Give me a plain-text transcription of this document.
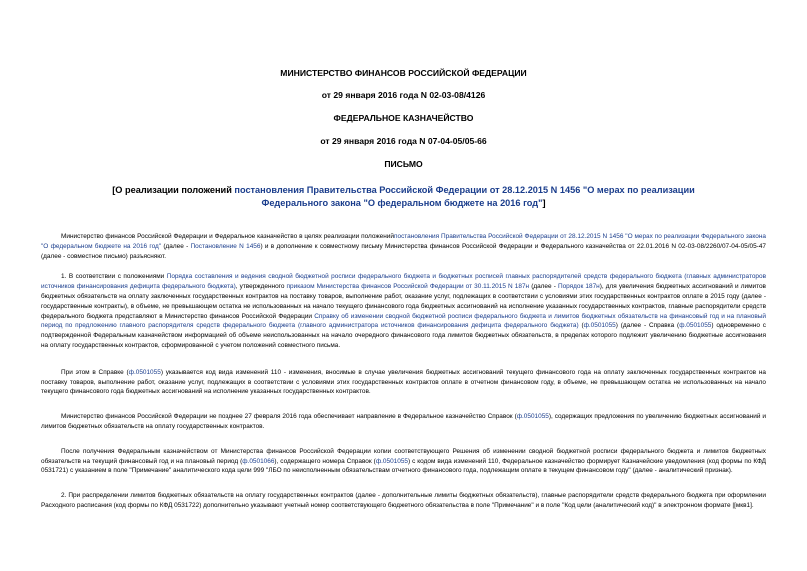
МИНИСТЕРСТВО ФИНАНСОВ РОССИЙСКОЙ ФЕДЕРАЦИИ
от 29 января 2016 года N 02-03-08/4126
ФЕДЕРАЛЬНОЕ КАЗНАЧЕЙСТВО
от 29 января 2016 года N 07-04-05/05-66
ПИСЬМО
[О реализации положений постановления Правительства Российской Федерации от 28.12.2015 N 1456 "О мерах по реализации Федерального закона "О федеральном бюджете на 2016 год"]

Министерство финансов Российской Федерации и Федеральное казначейство в целях реализации положенийпостановления Правительства Российской Федерации от 28.12.2015 N 1456 "О мерах по реализации Федерального закона "О федеральном бюджете на 2016 год" (далее - Постановление N 1456) и в дополнение к совместному письму Министерства финансов Российской Федерации и Федерального казначейства от 22.01.2016 N 02-03-08/2260/07-04-05/05-47 (далее - совместное письмо) разъясняют.

1. В соответствии с положениями Порядка составления и ведения сводной бюджетной росписи федерального бюджета и бюджетных росписей главных распорядителей средств федерального бюджета (главных администраторов источников финансирования дефицита федерального бюджета), утвержденного приказом Министерства финансов Российской Федерации от 30.11.2015 N 187н (далее - Порядок 187н), для увеличения бюджетных ассигнований и лимитов бюджетных обязательств на оплату заключенных государственных контрактов на поставку товаров, выполнение работ, оказание услуг, подлежащих в соответствии с условиями этих государственных контрактов оплате в 2015 году (далее - государственные контракты), в объеме, не превышающем остатка не использованных на начало текущего финансового года бюджетных ассигнований на исполнение указанных государственных контрактов, главные распорядители средств федерального бюджета представляют в Министерство финансов Российской Федерации Справку об изменении сводной бюджетной росписи федерального бюджета и лимитов бюджетных обязательств на финансовый год и на плановый период по предложению главного распорядителя средств федерального бюджета (главного администратора источников финансирования дефицита федерального бюджета) (ф.0501055) (далее - Справка (ф.0501055) одновременно с подтвержденной Федеральным казначейством информацией об объеме неиспользованных на начало очередного финансового года лимитов бюджетных обязательств, в пределах которого подлежит увеличению бюджетные ассигнования на оплату государственных контрактов, сформированной с учетом положений совместного письма.

При этом в Справке (ф.0501055) указывается код вида изменений 110 - изменения, вносимые в случае увеличения бюджетных ассигнований текущего финансового года на оплату заключенных государственных контрактов на поставку товаров, выполнение работ, оказание услуг, подлежащих в соответствии с условиями этих государственных контрактов оплате в отчетном финансовом году, в объеме, не превышающем остатка не использованных на начало текущего финансового года бюджетных ассигнований на исполнение указанных государственных контрактов.

Министерство финансов Российской Федерации не позднее 27 февраля 2016 года обеспечивает направление в Федеральное казначейство Справок (ф.0501055), содержащих предложения по увеличению бюджетных ассигнований и лимитов бюджетных обязательств на оплату государственных контрактов.

После получения Федеральным казначейством от Министерства финансов Российской Федерации копии соответствующего Решения об изменении сводной бюджетной росписи федерального бюджета и лимитов бюджетных обязательств на текущий финансовый год и на плановый период (ф.0501066), содержащего номера Справок (ф.0501055) с кодом вида изменений 110, Федеральное казначейство формирует Казначейские уведомления (код формы по КФД 0531721) с указанием в поле "Примечание" аналитического кода цели 999 "ЛБО по неисполненным обязательствам отчетного финансового года, подлежащим оплате в текущем финансовом году" (далее - аналитический признак).

2. При распределении лимитов бюджетных обязательств на оплату государственных контрактов (далее - дополнительные лимиты бюджетных обязательств), главные распорядители средств федерального бюджета при оформлении Расходного расписания (код формы по КФД 0531722) дополнительно указывают учетный номер соответствующего бюджетного обязательства в поле "Примечание" и в поле "Код цели (аналитический код)" в электронном формате |[мкв1].
